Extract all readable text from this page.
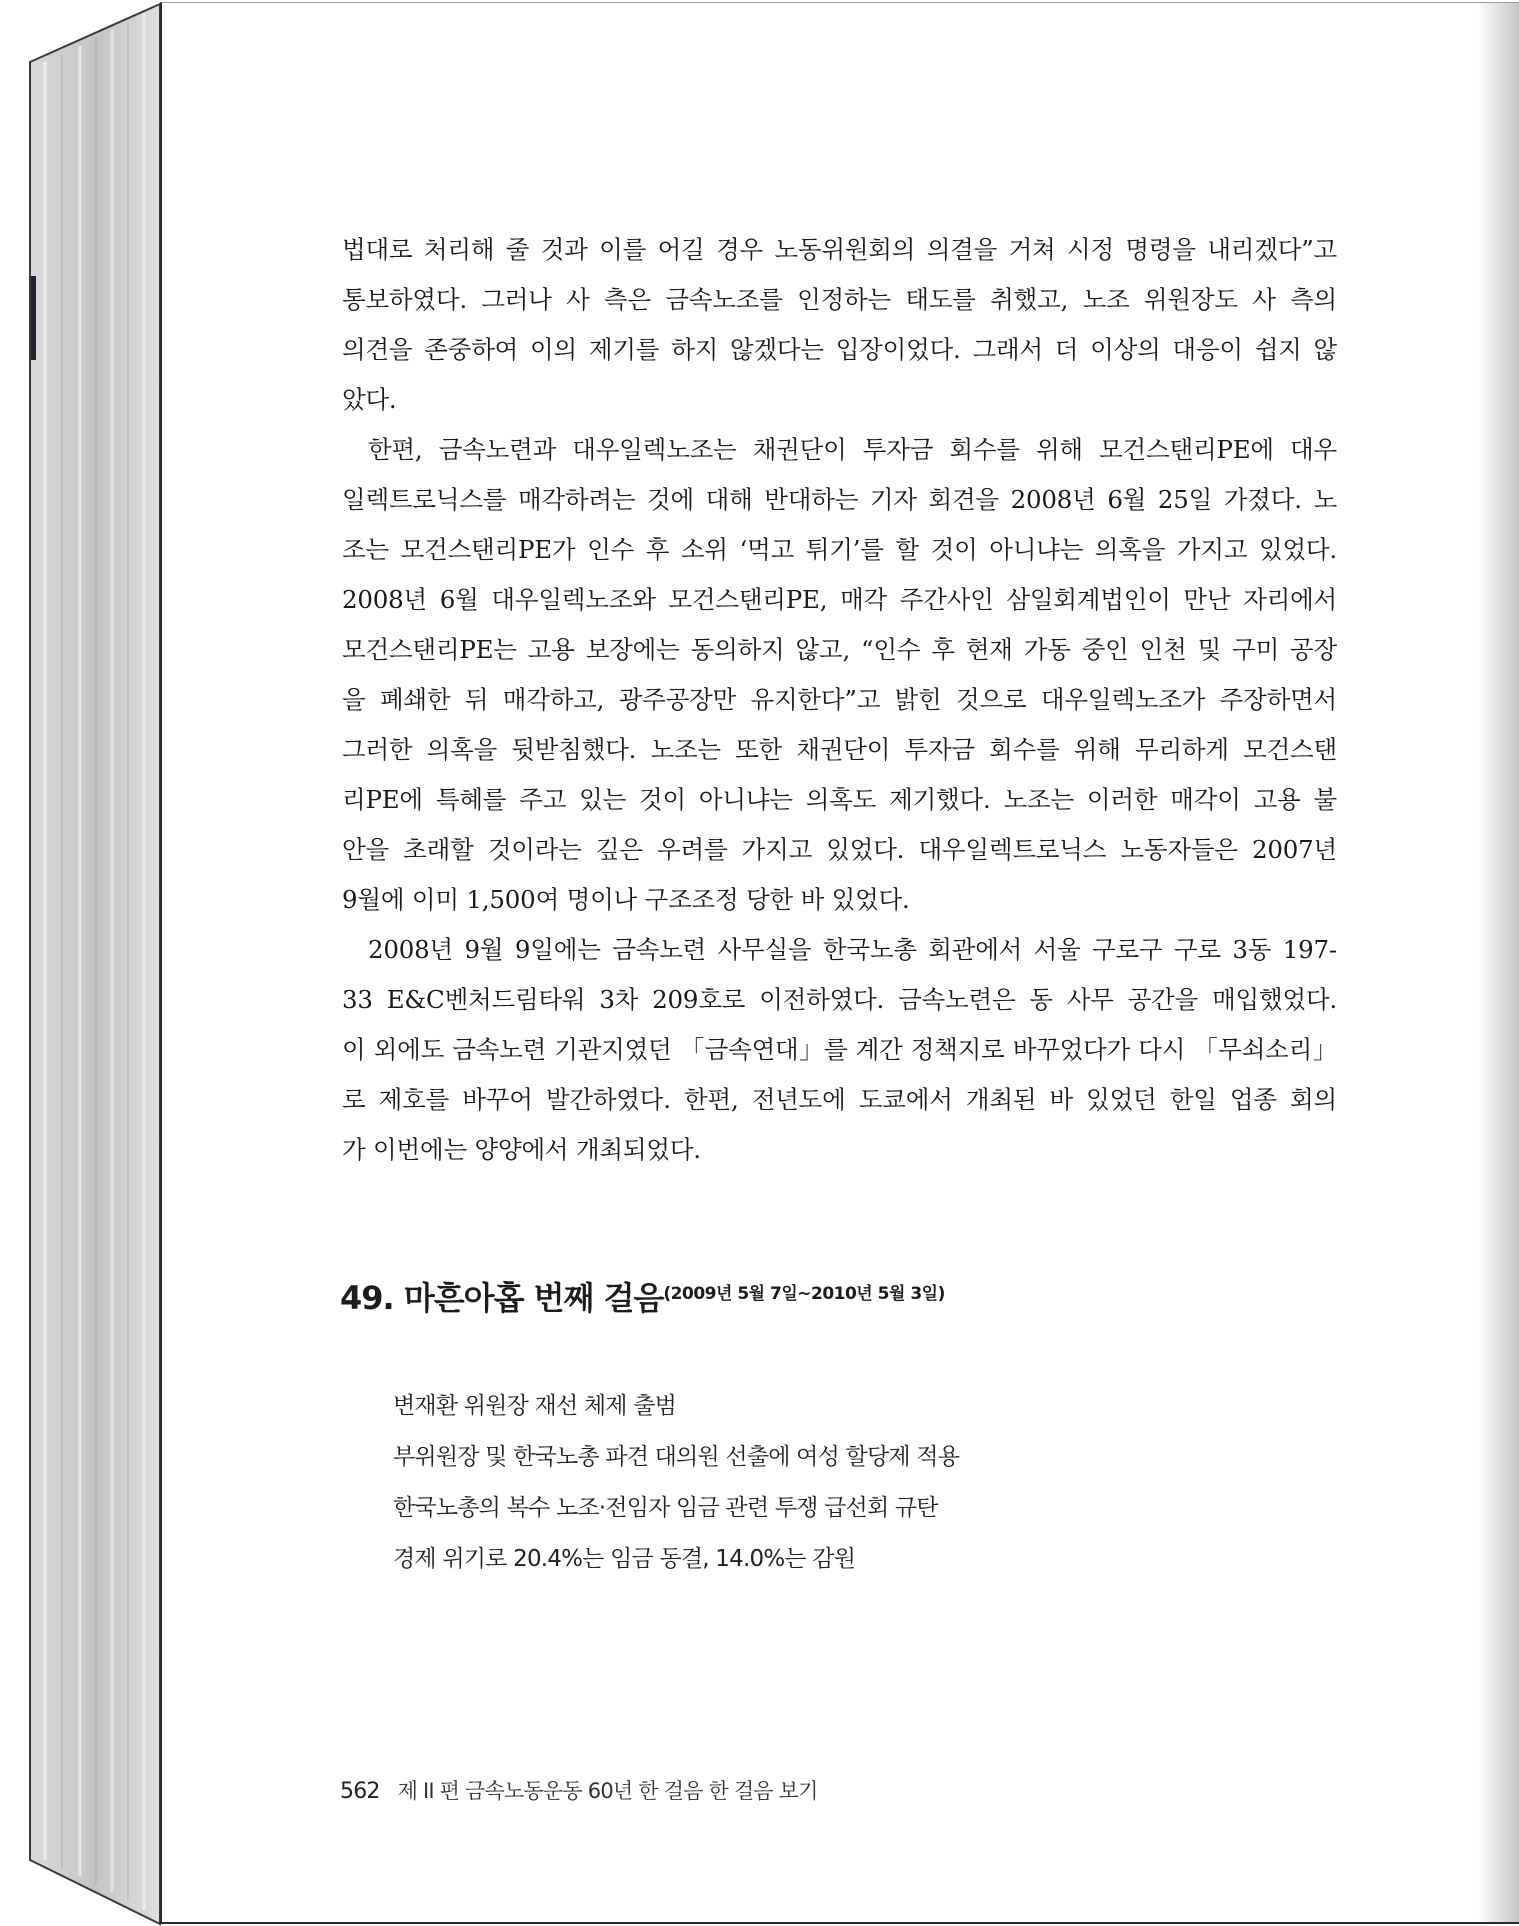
법대로 처리해 줄 것과 이를 어길 경우 노동위원회의 의결을 거쳐 시정 명령을 내리겠다”고
통보하였다. 그러나 사 측은 금속노조를 인정하는 태도를 취했고, 노조 위원장도 사 측의
의견을 존중하여 이의 제기를 하지 않겠다는 입장이었다. 그래서 더 이상의 대응이 쉽지 않
았다.

한편, 금속노련과 대우일렉노조는 채권단이 투자금 회수를 위해 모건스탠리PE에 대우
일렉트로닉스를 매각하려는 것에 대해 반대하는 기자 회견을 2008년 6월 25일 가졌다. 노
조는 모건스탠리PE가 인수 후 소위 ‘먹고 튀기’를 할 것이 아니냐는 의혹을 가지고 있었다.
2008년 6월 대우일렉노조와 모건스탠리PE, 매각 주간사인 삼일회계법인이 만난 자리에서
모건스탠리PE는 고용 보장에는 동의하지 않고, “인수 후 현재 가동 중인 인천 및 구미 공장
을 폐쇄한 뒤 매각하고, 광주공장만 유지한다”고 밝힌 것으로 대우일렉노조가 주장하면서
그러한 의혹을 뒷받침했다. 노조는 또한 채권단이 투자금 회수를 위해 무리하게 모건스탠
리PE에 특혜를 주고 있는 것이 아니냐는 의혹도 제기했다. 노조는 이러한 매각이 고용 불
안을 초래할 것이라는 깊은 우려를 가지고 있었다. 대우일렉트로닉스 노동자들은 2007년
9월에 이미 1,500여 명이나 구조조정 당한 바 있었다.

2008년 9월 9일에는 금속노련 사무실을 한국노총 회관에서 서울 구로구 구로 3동 197-
33 E&C벤처드림타워 3차 209호로 이전하였다. 금속노련은 동 사무 공간을 매입했었다.
이 외에도 금속노련 기관지였던 「금속연대」를 계간 정책지로 바꾸었다가 다시 「무쇠소리」
로 제호를 바꾸어 발간하였다. 한편, 전년도에 도쿄에서 개최된 바 있었던 한일 업종 회의
가 이번에는 양양에서 개최되었다.

49. 마흔아홉 번째 걸음$^{(2009년 5월 7일\sim 2010년 5월 3일)}$
변재환 위원장 재선 체제 출범
부위원장 및 한국노총 파견 대의원 선출에 여성 할당제 적용
한국노총의 복수 노조·전임자 임금 관련 투쟁 급선회 규탄
경제 위기로 20.4%는 임금 동결, 14.0%는 감원
562 제 II 편 금속노동운동 60년 한 걸음 한 걸음 보기
